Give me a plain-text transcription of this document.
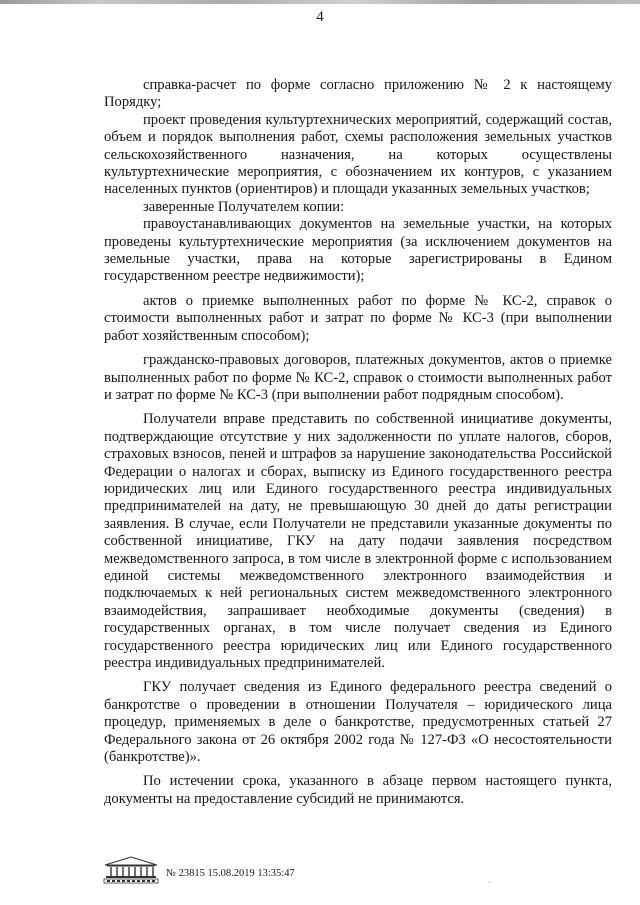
4

справка-расчет по форме согласно приложению № 2 к настоящему Порядку;

проект проведения культуртехнических мероприятий, содержащий состав, объем и порядок выполнения работ, схемы расположения земельных участков сельскохозяйственного назначения, на которых осуществлены культуртехнические мероприятия, с обозначением их контуров, с указанием населенных пунктов (ориентиров) и площади указанных земельных участков;

заверенные Получателем копии:

правоустанавливающих документов на земельные участки, на которых проведены культуртехнические мероприятия (за исключением документов на земельные участки, права на которые зарегистрированы в Едином государственном реестре недвижимости);

актов о приемке выполненных работ по форме № КС-2, справок о стоимости выполненных работ и затрат по форме № КС-3 (при выполнении работ хозяйственным способом);

гражданско-правовых договоров, платежных документов, актов о приемке выполненных работ по форме № КС-2, справок о стоимости выполненных работ и затрат по форме № КС-3 (при выполнении работ подрядным способом).

Получатели вправе представить по собственной инициативе документы, подтверждающие отсутствие у них задолженности по уплате налогов, сборов, страховых взносов, пеней и штрафов за нарушение законодательства Российской Федерации о налогах и сборах, выписку из Единого государственного реестра юридических лиц или Единого государственного реестра индивидуальных предпринимателей на дату, не превышающую 30 дней до даты регистрации заявления. В случае, если Получатели не представили указанные документы по собственной инициативе, ГКУ на дату подачи заявления посредством межведомственного запроса, в том числе в электронной форме с использованием единой системы межведомственного электронного взаимодействия и подключаемых к ней региональных систем межведомственного электронного взаимодействия, запрашивает необходимые документы (сведения) в государственных органах, в том числе получает сведения из Единого государственного реестра юридических лиц или Единого государственного реестра индивидуальных предпринимателей.

ГКУ получает сведения из Единого федерального реестра сведений о банкротстве о проведении в отношении Получателя – юридического лица процедур, применяемых в деле о банкротстве, предусмотренных статьей 27 Федерального закона от 26 октября 2002 года № 127-ФЗ «О несостоятельности (банкротстве)».

По истечении срока, указанного в абзаце первом настоящего пункта, документы на предоставление субсидий не принимаются.

№ 23815 15.08.2019 13:35:47	ˎ
